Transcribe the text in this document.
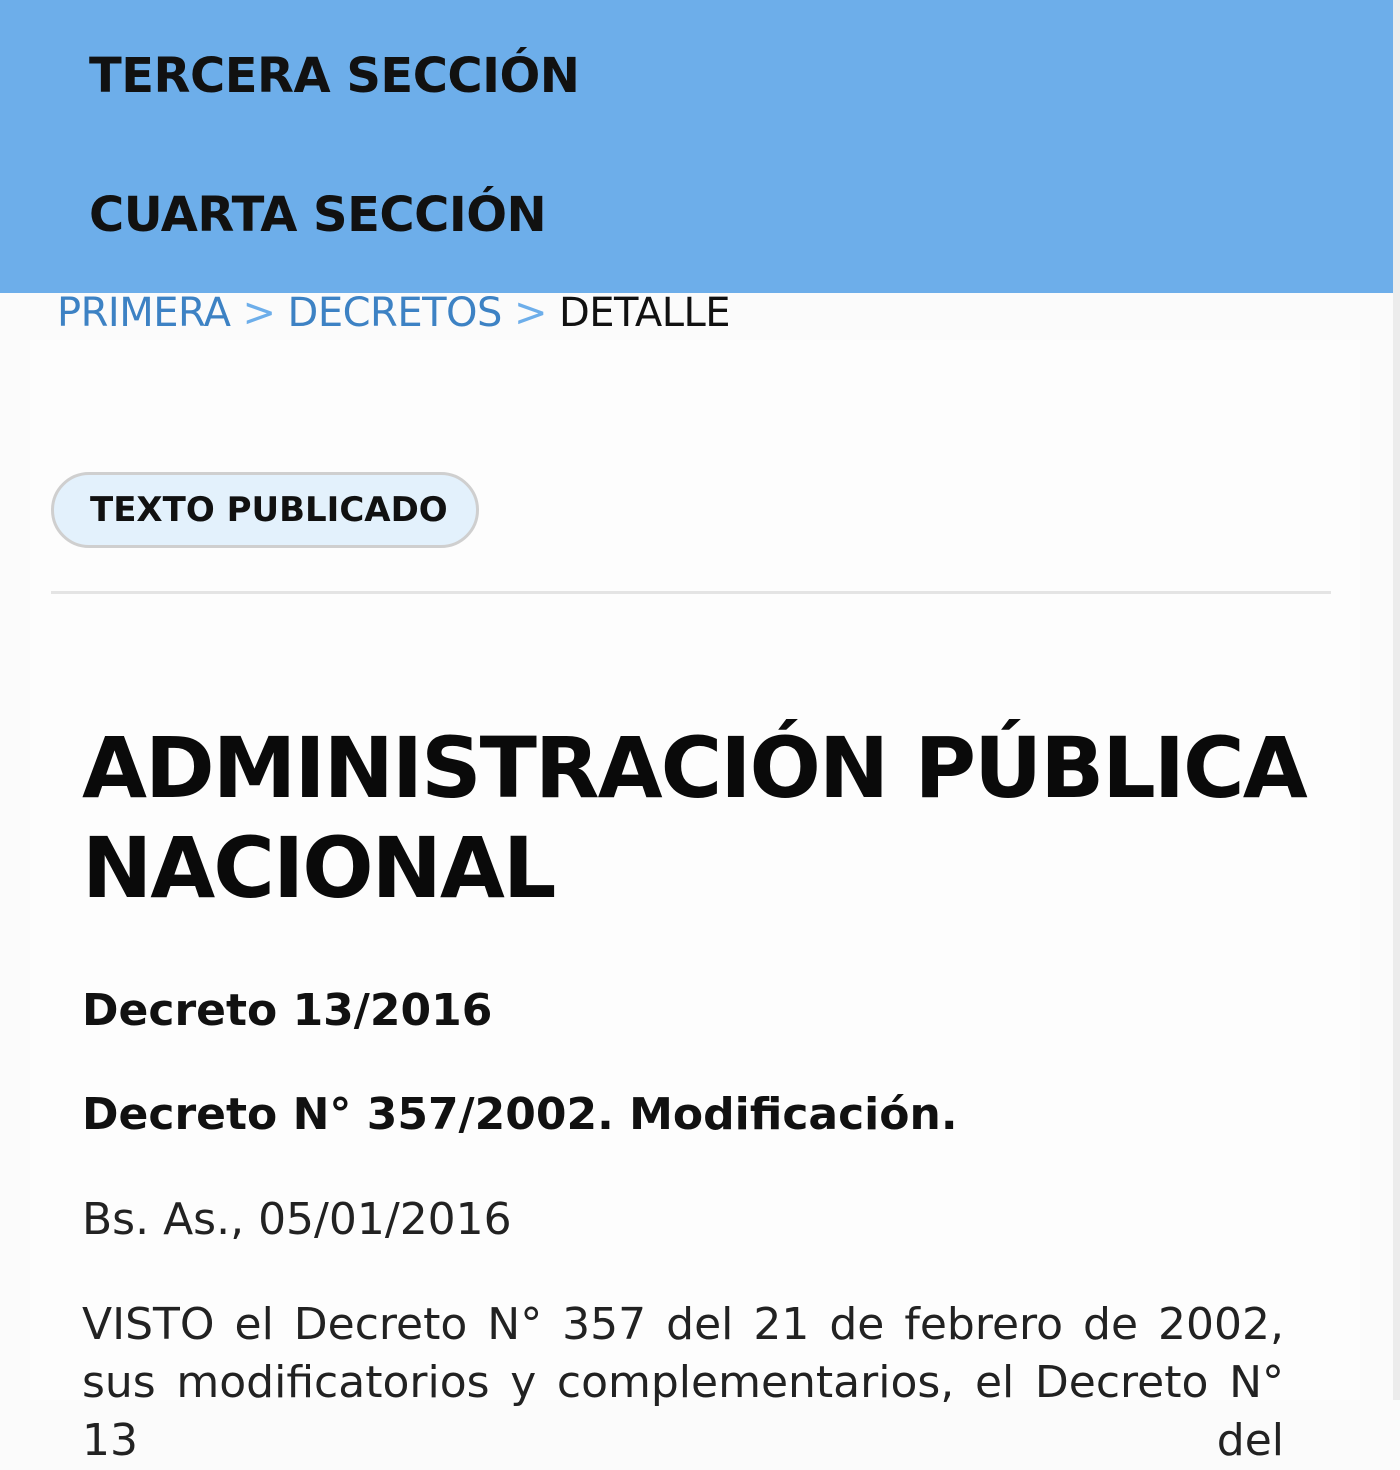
TERCERA SECCIÓN
CUARTA SECCIÓN
PRIMERA > DECRETOS > DETALLE
TEXTO PUBLICADO
ADMINISTRACIÓN PÚBLICA NACIONAL

Decreto 13/2016

Decreto N° 357/2002. Modificación.

Bs. As., 05/01/2016

VISTO el Decreto N° 357 del 21 de febrero de 2002, sus modificatorios y complementarios, el Decreto N° 13 del
